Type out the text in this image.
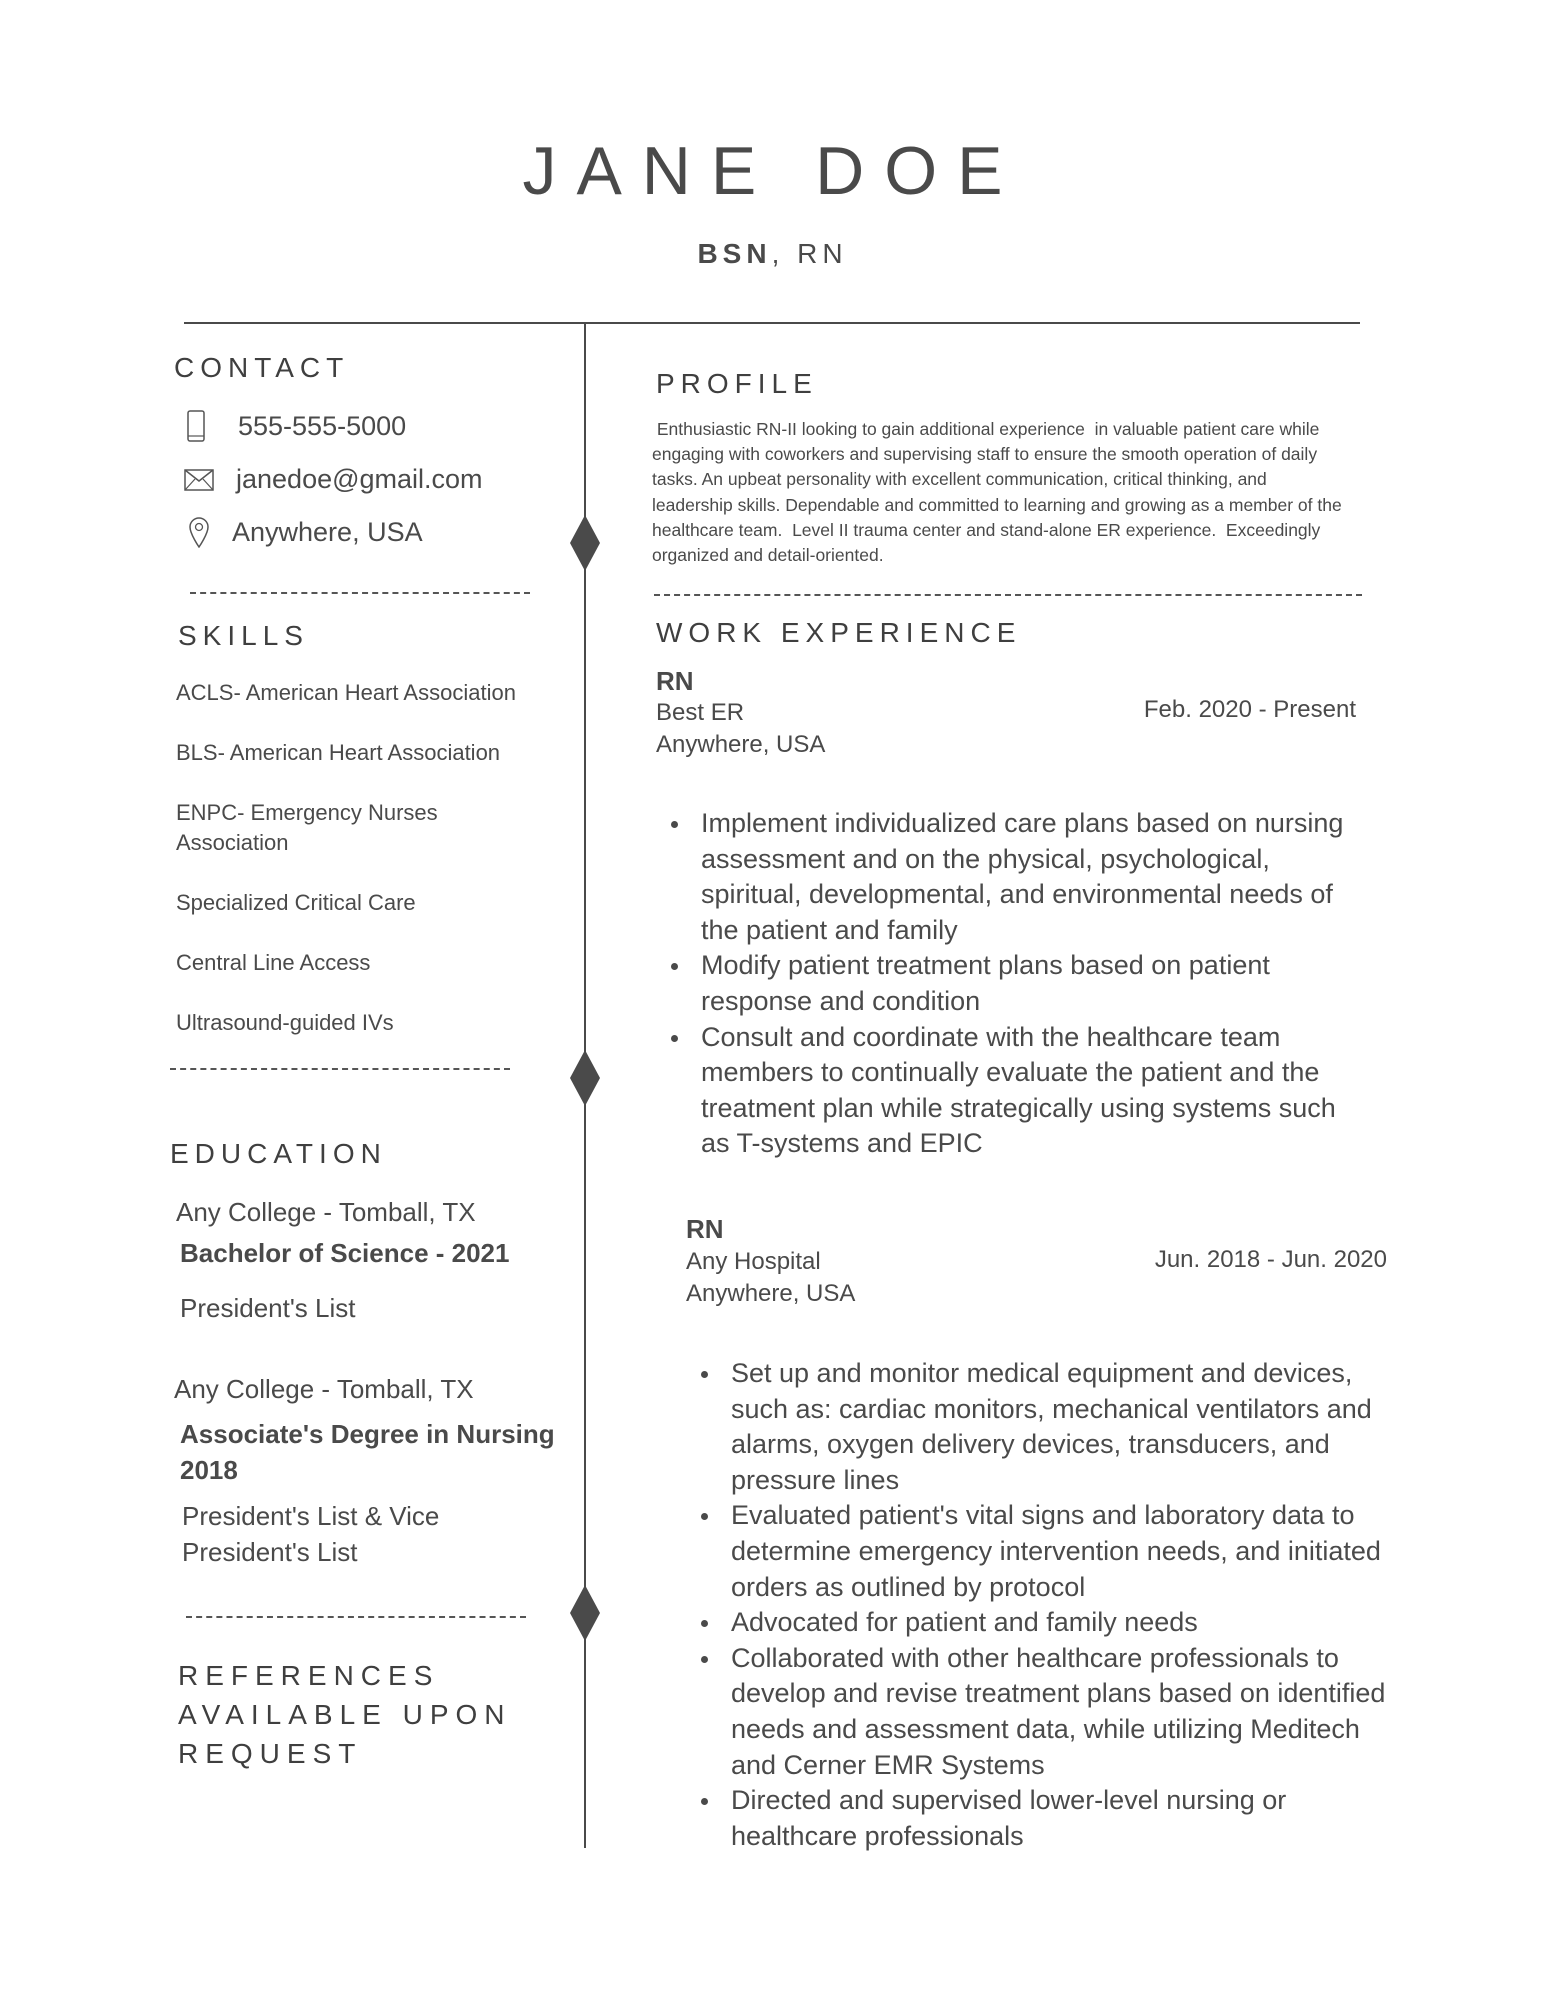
JANE DOE
BSN, RN
CONTACT
555-555-5000
janedoe@gmail.com
Anywhere, USA
SKILLS
ACLS- American Heart Association
BLS- American Heart Association
ENPC- Emergency Nurses Association
Specialized Critical Care
Central Line Access
Ultrasound-guided IVs
EDUCATION
Any College - Tomball, TX
Bachelor of Science - 2021
President's List
Any College - Tomball, TX
Associate's Degree in Nursing 2018
President's List & Vice President's List
REFERENCES AVAILABLE UPON REQUEST
PROFILE
Enthusiastic RN-II looking to gain additional experience  in valuable patient care while engaging with coworkers and supervising staff to ensure the smooth operation of daily tasks. An upbeat personality with excellent communication, critical thinking, and leadership skills. Dependable and committed to learning and growing as a member of the healthcare team.  Level II trauma center and stand-alone ER experience.  Exceedingly organized and detail-oriented.
WORK EXPERIENCE
RN
Best ER
Anywhere, USA
Feb. 2020 - Present
Implement individualized care plans based on nursing assessment and on the physical, psychological, spiritual, developmental, and environmental needs of the patient and family
Modify patient treatment plans based on patient response and condition
Consult and coordinate with the healthcare team members to continually evaluate the patient and the treatment plan while strategically using systems such as T-systems and EPIC
RN
Any Hospital
Anywhere, USA
Jun. 2018 - Jun. 2020
Set up and monitor medical equipment and devices, such as: cardiac monitors, mechanical ventilators and alarms, oxygen delivery devices, transducers, and pressure lines
Evaluated patient's vital signs and laboratory data to determine emergency intervention needs, and initiated orders as outlined by protocol
Advocated for patient and family needs
Collaborated with other healthcare professionals to develop and revise treatment plans based on identified needs and assessment data, while utilizing Meditech and Cerner EMR Systems
Directed and supervised lower-level nursing or healthcare professionals
